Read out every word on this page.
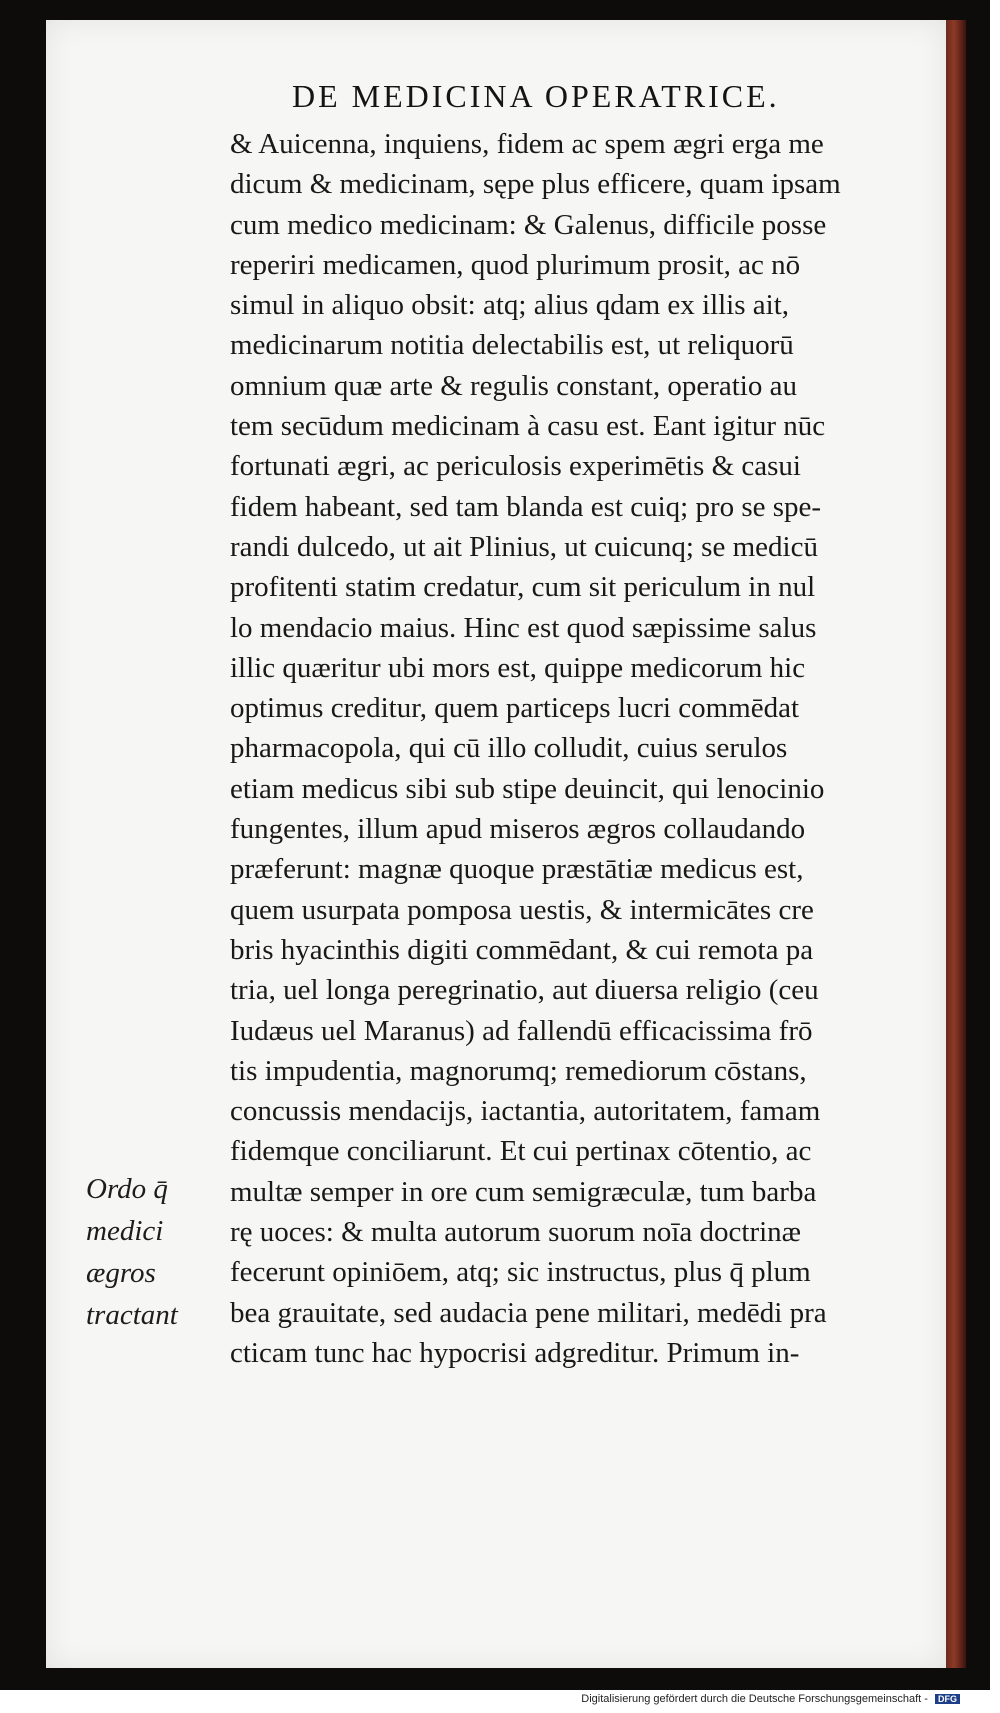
DE MEDICINA OPERATRICE.
& Auicenna, inquiens, fidem ac spem ægri erga me
dicum & medicinam, sępe plus efficere, quam ipsam
cum medico medicinam: & Galenus, difficile posse
reperiri medicamen, quod plurimum prosit, ac nō
simul in aliquo obsit: atq; alius qdam ex illis ait,
medicinarum notitia delectabilis est, ut reliquorū
omnium quæ arte & regulis constant, operatio au
tem secūdum medicinam à casu est. Eant igitur nūc
fortunati ægri, ac periculosis experimētis & casui
fidem habeant, sed tam blanda est cuiq; pro se spe-
randi dulcedo, ut ait Plinius, ut cuicunq; se medicū
profitenti statim credatur, cum sit periculum in nul
lo mendacio maius. Hinc est quod sæpissime salus
illic quæritur ubi mors est, quippe medicorum hic
optimus creditur, quem particeps lucri commēdat
pharmacopola, qui cū illo colludit, cuius serulos
etiam medicus sibi sub stipe deuincit, qui lenocinio
fungentes, illum apud miseros ægros collaudando
præferunt: magnæ quoque præstātiæ medicus est,
quem usurpata pomposa uestis, & intermicātes cre
bris hyacinthis digiti commēdant, & cui remota pa
tria, uel longa peregrinatio, aut diuersa religio (ceu
Iudæus uel Maranus) ad fallendū efficacissima frō
tis impudentia, magnorumq; remediorum cōstans,
concussis mendacijs, iactantia, autoritatem, famam
fidemque conciliarunt. Et cui pertinax cōtentio, ac
multæ semper in ore cum semigræculæ, tum barba
rę uoces: & multa autorum suorum noīa doctrinæ
fecerunt opiniōem, atq; sic instructus, plus q̄ plum
bea grauitate, sed audacia pene militari, medēdi pra
cticam tunc hac hypocrisi adgreditur. Primum in-
Ordo q̄
medici
ægros
tractant
Digitalisierung gefördert durch die Deutsche Forschungsgemeinschaft - DFG
